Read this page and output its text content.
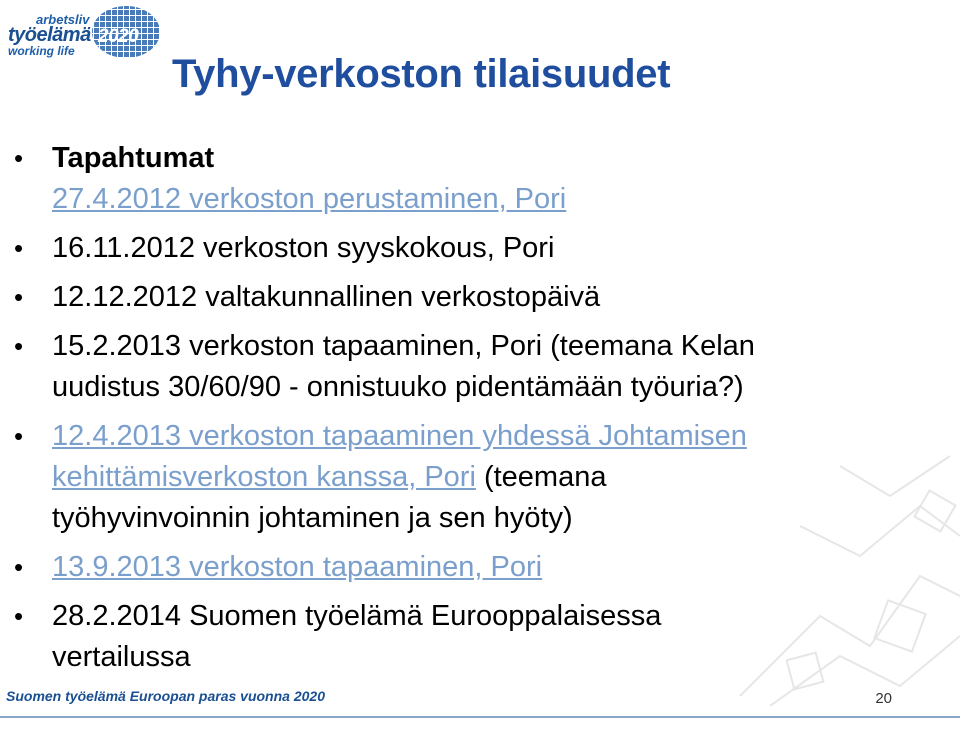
arbetsliv
työelämä 2020
working life
Tyhy-verkoston tilaisuudet
• Tapahtumat
27.4.2012 verkoston perustaminen, Pori
• 16.11.2012 verkoston syyskokous, Pori
• 12.12.2012 valtakunnallinen verkostopäivä
• 15.2.2013 verkoston tapaaminen, Pori (teemana Kelan
uudistus 30/60/90 - onnistuuko pidentämään työuria?)
• 12.4.2013 verkoston tapaaminen yhdessä Johtamisen
kehittämisverkoston kanssa, Pori (teemana
työhyvinvoinnin johtaminen ja sen hyöty)
• 13.9.2013 verkoston tapaaminen, Pori
• 28.2.2014 Suomen työelämä Eurooppalaisessa
vertailussa
Suomen työelämä Euroopan paras vuonna 2020	20
